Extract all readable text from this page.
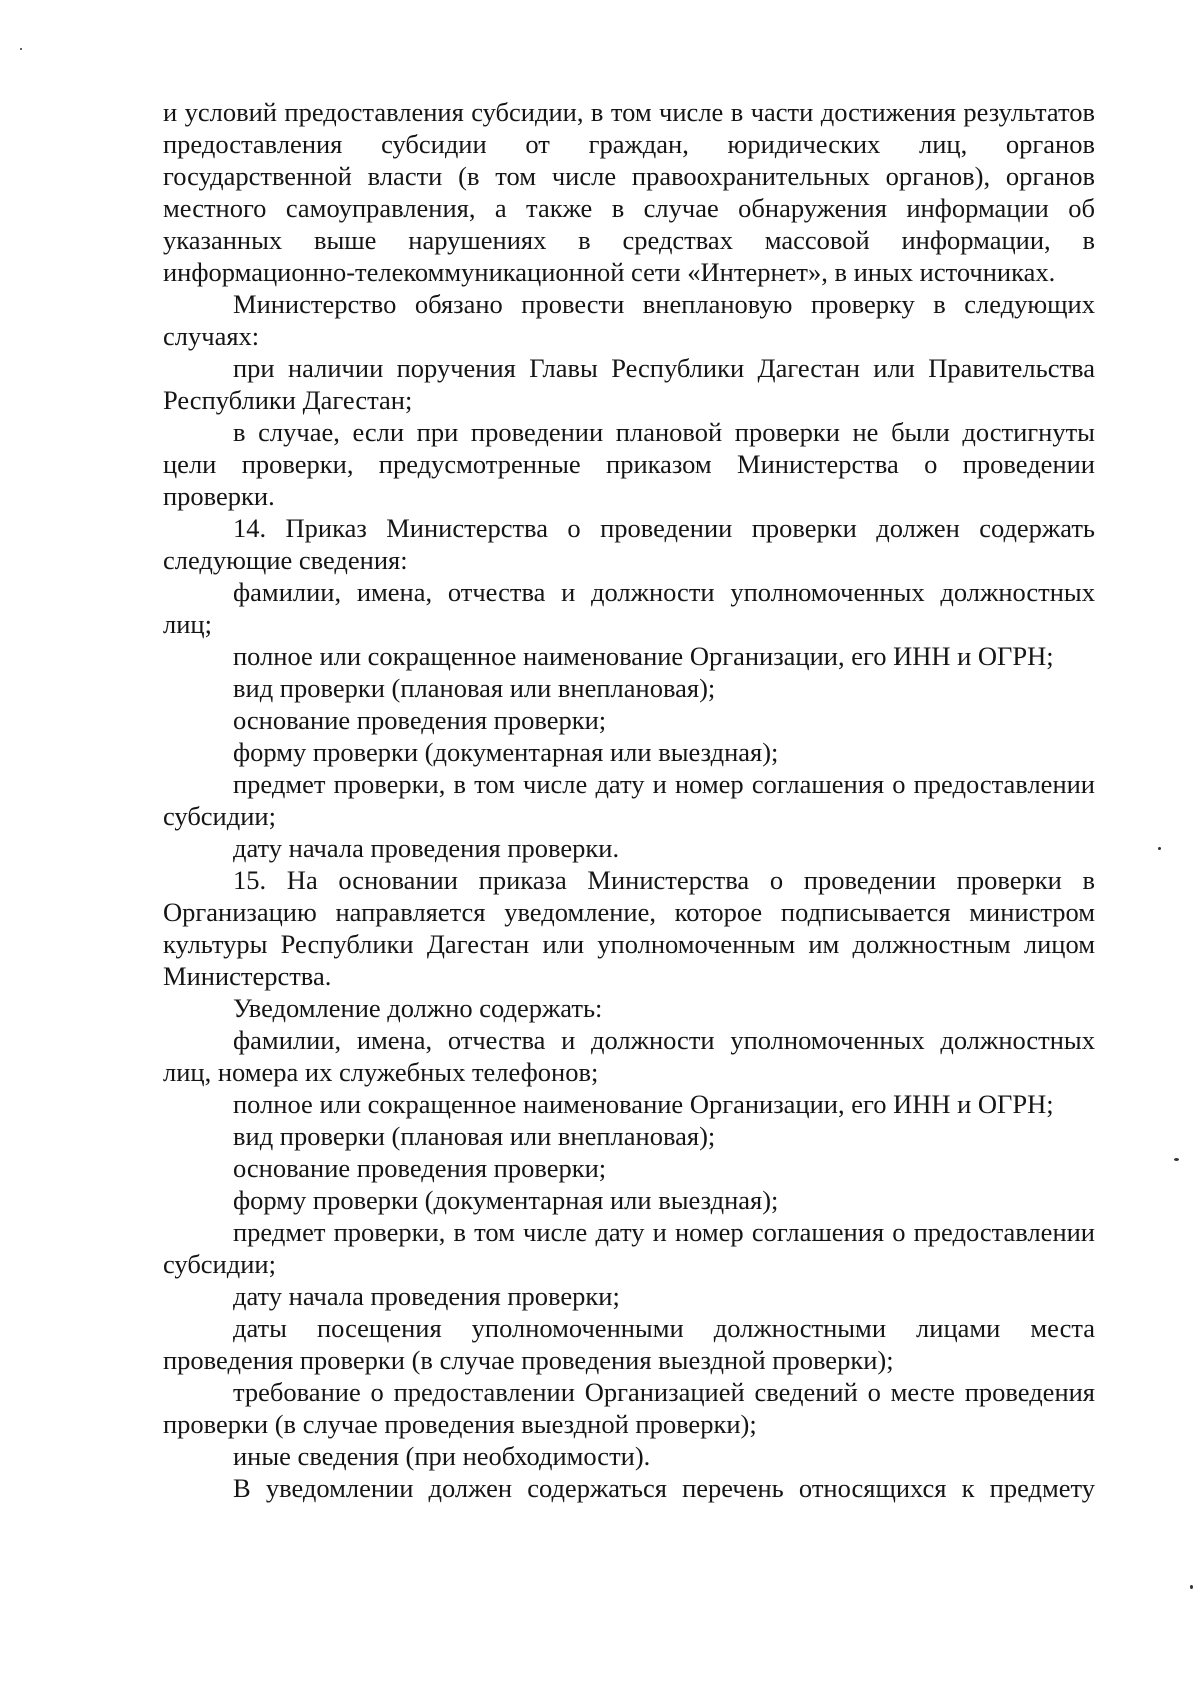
и условий предоставления субсидии, в том числе в части достижения результатов предоставления субсидии от граждан, юридических лиц, органов государственной власти (в том числе правоохранительных органов), органов местного самоуправления, а также в случае обнаружения информации об указанных выше нарушениях в средствах массовой информации, в информационно-телекоммуникационной сети «Интернет», в иных источниках.

Министерство обязано провести внеплановую проверку в следующих случаях:

при наличии поручения Главы Республики Дагестан или Правительства Республики Дагестан;

в случае, если при проведении плановой проверки не были достигнуты цели проверки, предусмотренные приказом Министерства о проведении проверки.

14. Приказ Министерства о проведении проверки должен содержать следующие сведения:

фамилии, имена, отчества и должности уполномоченных должностных лиц;

полное или сокращенное наименование Организации, его ИНН и ОГРН;

вид проверки (плановая или внеплановая);

основание проведения проверки;

форму проверки (документарная или выездная);

предмет проверки, в том числе дату и номер соглашения о предоставлении субсидии;

дату начала проведения проверки.

15. На основании приказа Министерства о проведении проверки в Организацию направляется уведомление, которое подписывается министром культуры Республики Дагестан или уполномоченным им должностным лицом Министерства.

Уведомление должно содержать:

фамилии, имена, отчества и должности уполномоченных должностных лиц, номера их служебных телефонов;

полное или сокращенное наименование Организации, его ИНН и ОГРН;

вид проверки (плановая или внеплановая);

основание проведения проверки;

форму проверки (документарная или выездная);

предмет проверки, в том числе дату и номер соглашения о предоставлении субсидии;

дату начала проведения проверки;

даты посещения уполномоченными должностными лицами места проведения проверки (в случае проведения выездной проверки);

требование о предоставлении Организацией сведений о месте проведения проверки (в случае проведения выездной проверки);

иные сведения (при необходимости).

В уведомлении должен содержаться перечень относящихся к предмету
